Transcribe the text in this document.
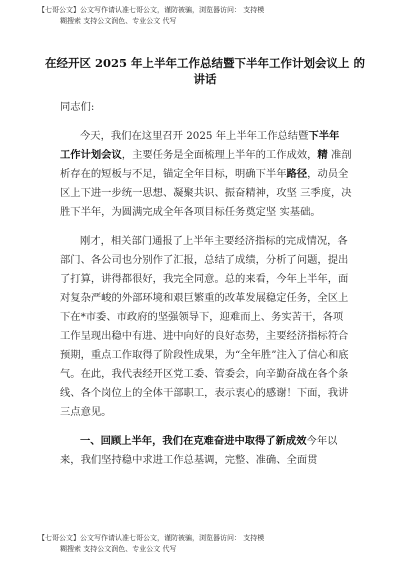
【七哥公文】公文写作请认准七哥公文，谨防被骗，浏览器访问： 支持模
糊搜索 支持公文润色、专业公文 代写
在经开区 2025 年上半年工作总结暨下半年工作计划会议上 的讲话

同志们:

今天，我们在这里召开 2025 年上半年工作总结暨下半年 工作计划会议，主要任务是全面梳理上半年的工作成效，精 准剖析存在的短板与不足，锚定全年目标，明确下半年路径，动员全区上下进一步统一思想、凝聚共识、振奋精神，攻坚 三季度，决胜下半年，为圆满完成全年各项目标任务奠定坚 实基础。

刚才，相关部门通报了上半年主要经济指标的完成情况，各部门、各公司也分别作了汇报，总结了成绩，分析了问题，提出了打算，讲得都很好，我完全同意。总的来看，今年上半年，面对复杂严峻的外部环境和艰巨繁重的改革发展稳定任务，全区上下在*市委、市政府的坚强领导下，迎难而上、务实苦干，各项工作呈现出稳中有进、进中向好的良好态势，主要经济指标符合预期，重点工作取得了阶段性成果，为“全年胜”注入了信心和底气。在此，我代表经开区党工委、管委会，向辛勤奋战在各个条线、各个岗位上的全体干部职工，表示衷心的感谢！下面，我讲三点意见。

一、回顾上半年，我们在克难奋进中取得了新成效今年以来，我们坚持稳中求进工作总基调，完整、准确、全面贯

【七哥公文】公文写作请认准七哥公文，谨防被骗，浏览器访问： 支持模
糊搜索 支持公文润色、专业公文 代写
